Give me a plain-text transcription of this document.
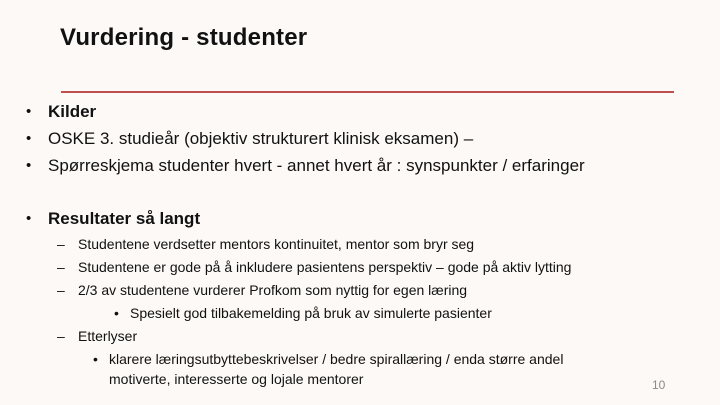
Vurdering - studenter
• Kilder
• OSKE 3. studieår (objektiv strukturert klinisk eksamen) –
• Spørreskjema studenter hvert - annet hvert år : synspunkter / erfaringer
• Resultater så langt
– Studentene verdsetter mentors kontinuitet, mentor som bryr seg
– Studentene er gode på å inkludere pasientens perspektiv – gode på aktiv lytting
– 2/3 av studentene vurderer Profkom som nyttig for egen læring
• Spesielt god tilbakemelding på bruk av simulerte pasienter
– Etterlyser
• klarere læringsutbyttebeskrivelser / bedre spirallæring / enda større andel
motiverte, interesserte og lojale mentorer	10
